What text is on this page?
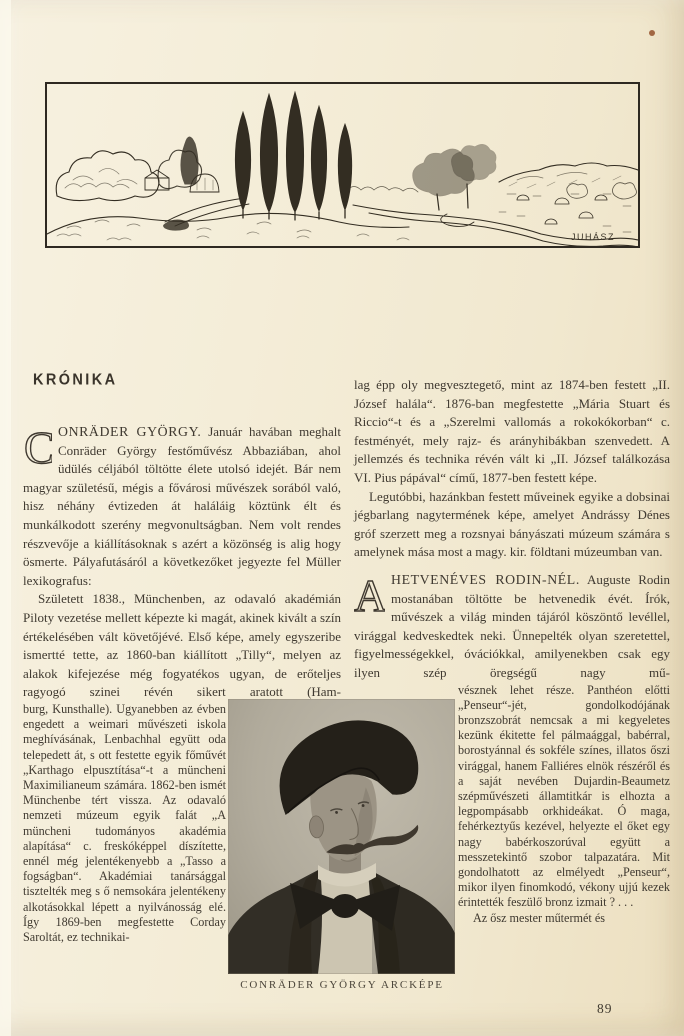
JUHÁSZ
KRÓNIKA

C ONRÄDER GYÖRGY. Január havában meghalt Conräder György festőművész Abbaziában, ahol üdülés céljából töltötte élete utolsó idejét. Bár nem magyar születésű, mégis a fővárosi művészek sorából való, hisz néhány évtizeden át haláláig köztünk élt és munkálkodott szerény megvonultságban. Nem volt rendes részvevője a kiállításoknak s azért a közönség is alig hogy ösmerte. Pályafutásáról a következőket jegyezte fel Müller lexikografus:

Született 1838., Münchenben, az odavaló akadémián Piloty vezetése mellett képezte ki magát, akinek kivált a szín értékelésében vált követőjévé. Első képe, amely egyszeribe ismertté tette, az 1860-ban kiállított „Tilly“, melyen az alakok kifejezése még fogyatékos ugyan, de erőteljes ragyogó szinei révén sikert aratott (Ham-

burg, Kunsthalle). Ugyanebben az évben engedett a weimari művészeti iskola meghívásának, Lenbachhal együtt oda telepedett át, s ott festette egyik főművét „Karthago elpusztítása“-t a müncheni Maximilianeum számára. 1862-ben ismét Münchenbe tért vissza. Az odavaló nemzeti múzeum egyik falát „A müncheni tudományos akadémia alapítása“ c. freskóképpel díszítette, ennél még jelentékenyebb a „Tasso a fogságban“. Akadémiai tanársággal tisztelték meg s ő nemsokára jelentékeny alkotásokkal lépett a nyilvánosság elé. Így 1869-ben megfestette Corday Saroltát, ez technikai-

lag épp oly megvesztegető, mint az 1874-ben festett „II. József halála“. 1876-ban megfestette „Mária Stuart és Riccio“-t és a „Szerelmi vallomás a rokokókorban“ c. festményét, mely rajz- és arányhibákban szenvedett. A jellemzés és technika révén vált ki „II. József találkozása VI. Pius pápával“ című, 1877-ben festett képe.

Legutóbbi, hazánkban festett műveinek egyike a dobsinai jégbarlang nagytermének képe, amelyet Andrássy Dénes gróf szerzett meg a rozsnyai bányászati múzeum számára s amelynek mása most a magy. kir. földtani múzeumban van.

A HETVENÉVES RODIN-NÉL. Auguste Rodin mostanában töltötte be hetvenedik évét. Írók, művészek a világ minden tájáról köszöntő levéllel, virággal kedveskedtek neki. Ünnepelték olyan szeretettel, figyelmességekkel, óvációkkal, amilyenekben csak egy ilyen szép öregségű nagy mű-

vésznek lehet része. Panthéon előtti „Penseur“-jét, gondolkodójának bronzszobrát nemcsak a mi kegyeletes kezünk ékitette fel pálmaággal, babérral, borostyánnal és sokféle színes, illatos őszi virággal, hanem Falliéres elnök részéről és a saját nevében Dujardin-Beaumetz szépművészeti államtitkár is elhozta a legpompásabb orkhideákat. Ó maga, fehérkeztyűs kezével, helyezte el őket egy nagy babérkoszorúval együtt a messzetekintő szobor talpazatára. Mit gondolhatott az elmélyedt „Penseur“, mikor ilyen finomkodó, vékony ujjú kezek érintették feszülő bronz izmait ? . . .

Az ősz mester műtermét és

CONRÄDER GYÖRGY ARCKÉPE
89
